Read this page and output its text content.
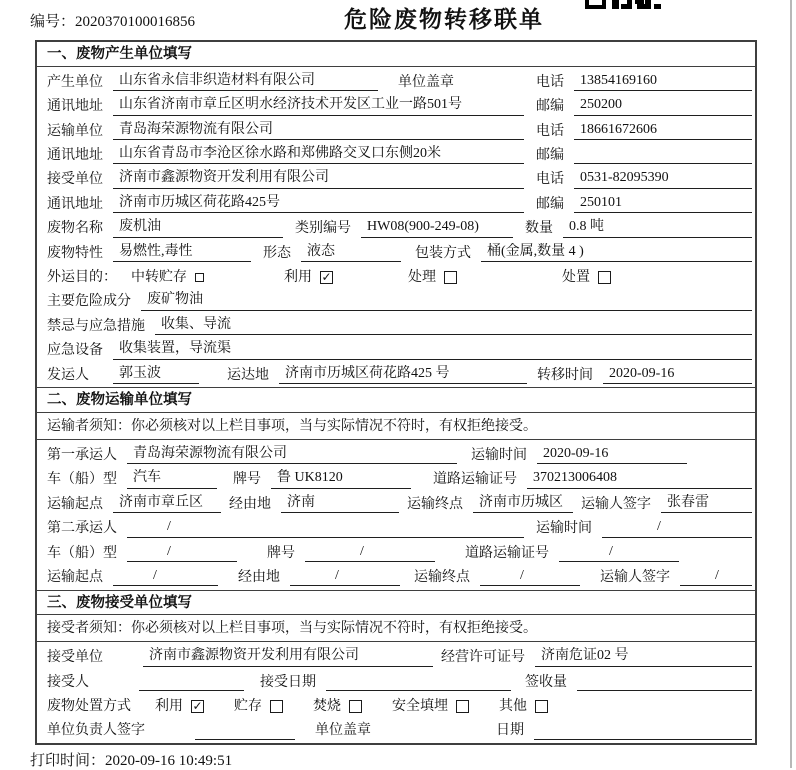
编号：2020370100016856	危险废物转移联单
一、废物产生单位填写
产生单位	山东省永信非织造材料有限公司	单位盖章	电话	13854169160
通讯地址	山东省济南市章丘区明水经济技术开发区工业一路501号	邮编	250200
运输单位	青岛海荣源物流有限公司	电话	18661672606
通讯地址	山东省青岛市李沧区徐水路和郑佛路交叉口东侧20米	邮编
接受单位	济南市鑫源物资开发利用有限公司	电话	0531-82095390
通讯地址	济南市历城区荷花路425号	邮编	250101
废物名称	废机油	类别编号	HW08(900-249-08)	数量	0.8 吨
废物特性	易燃性,毒性	形态	液态	包装方式	桶(金属,数量 4 )
外运目的： 中转贮存	利用 ✓	处理	处置
主要危险成分	废矿物油
禁忌与应急措施	收集、导流
应急设备	收集装置，导流渠
发运人	郭玉波	运达地	济南市历城区荷花路425 号	转移时间	2020-09-16
二、废物运输单位填写
运输者须知：你必须核对以上栏目事项，当与实际情况不符时，有权拒绝接受。
第一承运人	青岛海荣源物流有限公司	运输时间	2020-09-16
车（船）型	汽车	牌号	鲁 UK8120	道路运输证号	370213006408
运输起点	济南市章丘区	经由地	济南	运输终点	济南市历城区	运输人签字	张春雷
第二承运人	/	运输时间	/
车（船）型	/	牌号	/	道路运输证号	/
运输起点	/	经由地	/	运输终点	/	运输人签字	/
三、废物接受单位填写
接受者须知：你必须核对以上栏目事项，当与实际情况不符时，有权拒绝接受。
接受单位	济南市鑫源物资开发利用有限公司	经营许可证号	济南危证02 号
接受人	接受日期	签收量
废物处置方式 利用 ✓ 贮存	焚烧	安全填埋	其他
单位负责人签字	单位盖章	日期
打印时间：2020-09-16 10:49:51
